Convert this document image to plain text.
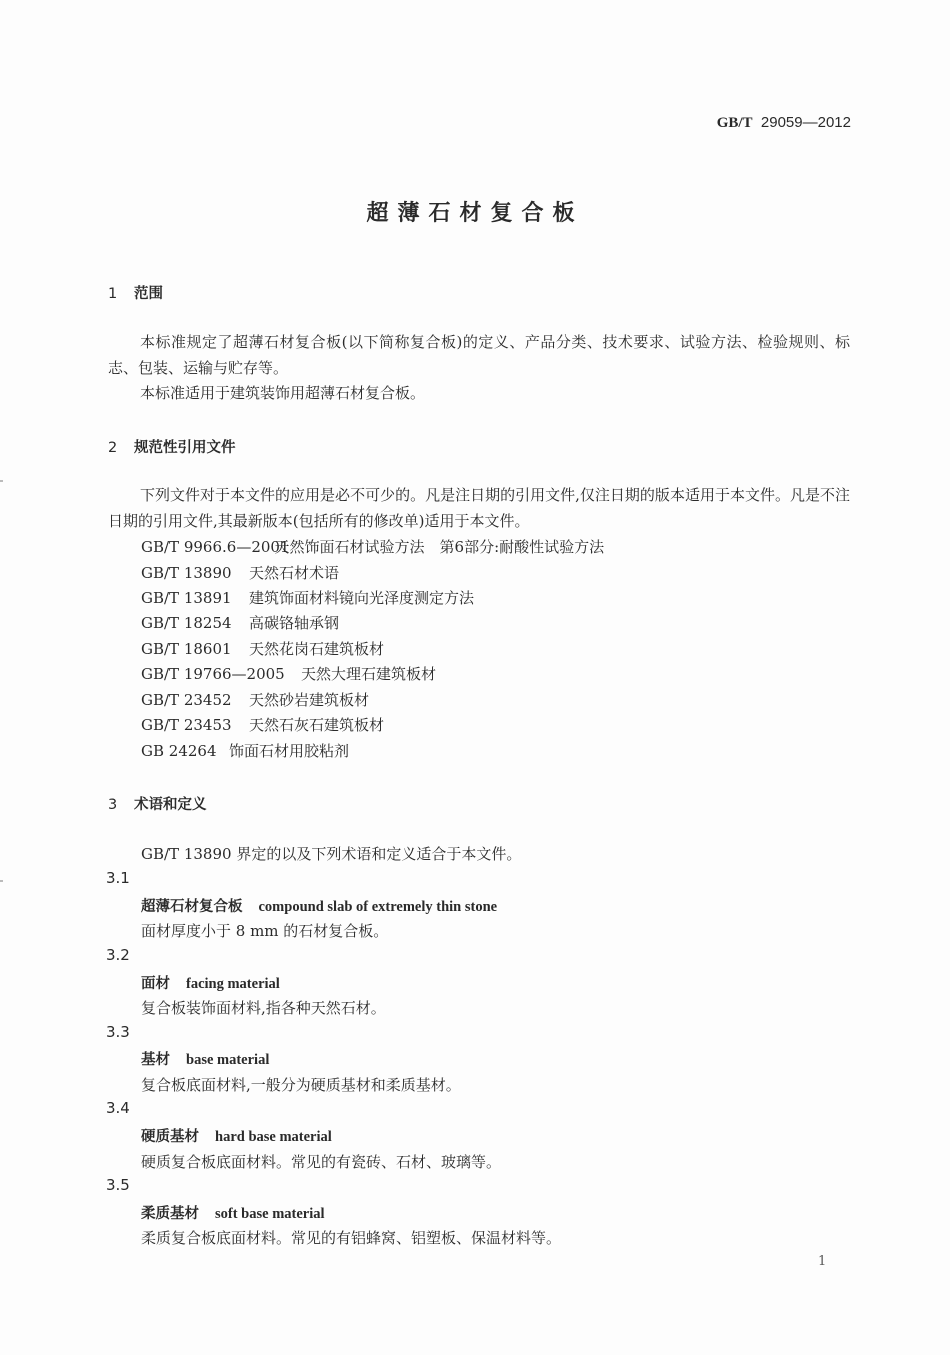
GB/T 29059—2012
超薄石材复合板
1 范围
本标准规定了超薄石材复合板(以下简称复合板)的定义、产品分类、技术要求、试验方法、检验规则、标志、包装、运输与贮存等。
本标准适用于建筑装饰用超薄石材复合板。
2 规范性引用文件
下列文件对于本文件的应用是必不可少的。凡是注日期的引用文件,仅注日期的版本适用于本文件。凡是不注日期的引用文件,其最新版本(包括所有的修改单)适用于本文件。
GB/T 9966.6—2001  天然饰面石材试验方法　第6部分:耐酸性试验方法
GB/T 13890 天然石材术语
GB/T 13891 建筑饰面材料镜向光泽度测定方法
GB/T 18254 高碳铬轴承钢
GB/T 18601 天然花岗石建筑板材
GB/T 19766—2005 天然大理石建筑板材
GB/T 23452 天然砂岩建筑板材
GB/T 23453 天然石灰石建筑板材
GB 24264 饰面石材用胶粘剂
3 术语和定义
GB/T 13890 界定的以及下列术语和定义适合于本文件。
3.1
超薄石材复合板 compound slab of extremely thin stone
面材厚度小于 8 mm 的石材复合板。
3.2
面材 facing material
复合板装饰面材料,指各种天然石材。
3.3
基材 base material
复合板底面材料,一般分为硬质基材和柔质基材。
3.4
硬质基材 hard base material
硬质复合板底面材料。常见的有瓷砖、石材、玻璃等。
3.5
柔质基材 soft base material
柔质复合板底面材料。常见的有铝蜂窝、铝塑板、保温材料等。
1
